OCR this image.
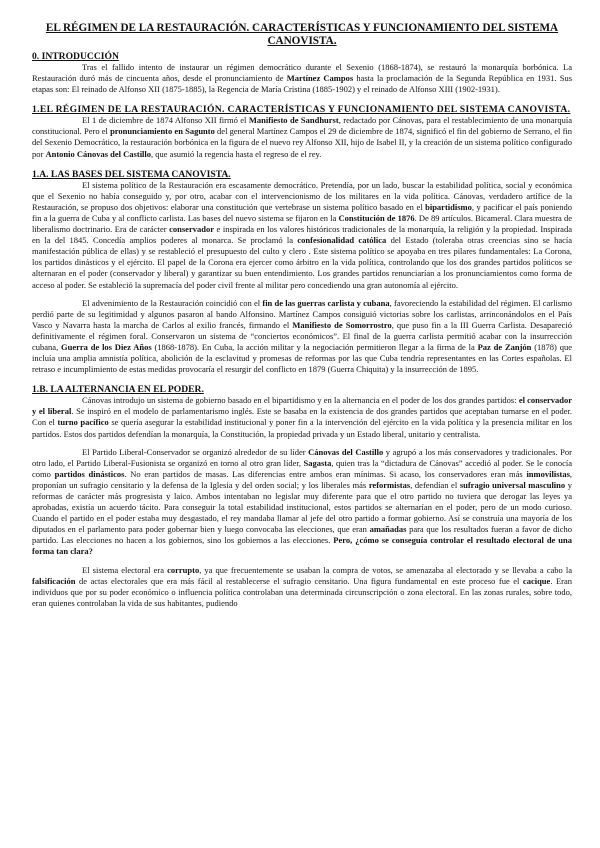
EL RÉGIMEN DE LA RESTAURACIÓN. CARACTERÍSTICAS Y FUNCIONAMIENTO DEL SISTEMA CANOVISTA.
0. INTRODUCCIÓN

Tras el fallido intento de instaurar un régimen democrático durante el Sexenio (1868-1874), se restauró la monarquía borbónica. La Restauración duró más de cincuenta años, desde el pronunciamiento de Martínez Campos hasta la proclamación de la Segunda República en 1931. Sus etapas son: El reinado de Alfonso XII (1875-1885), la Regencia de María Cristina (1885-1902) y el reinado de Alfonso XIII (1902-1931).

1.EL RÉGIMEN DE LA RESTAURACIÓN. CARACTERÍSTICAS Y FUNCIONAMIENTO DEL SISTEMA CANOVISTA.

El 1 de diciembre de 1874 Alfonso XII firmó el Manifiesto de Sandhurst, redactado por Cánovas, para el restablecimiento de una monarquía constitucional. Pero el pronunciamiento en Sagunto del general Martínez Campos el 29 de diciembre de 1874, significó el fin del gobierno de Serrano, el fin del Sexenio Democrático, la restauración borbónica en la figura de el nuevo rey Alfonso XII, hijo de Isabel II, y la creación de un sistema político configurado por Antonio Cánovas del Castillo, que asumió la regencia hasta el regreso de el rey.

1.A. LAS BASES DEL SISTEMA CANOVISTA.

El sistema político de la Restauración era escasamente democrático. Pretendía, por un lado, buscar la estabilidad política, social y económica que el Sexenio no había conseguido y, por otro, acabar con el intervencionismo de los militares en la vida política. Cánovas, verdadero artífice de la Restauración, se propuso dos objetivos: elaborar una constitución que vertebrase un sistema político basado en el bipartidismo, y pacificar el país poniendo fin a la guerra de Cuba y al conflicto carlista. Las bases del nuevo sistema se fijaron en la Constitución de 1876. De 89 artículos. Bicameral. Clara muestra de liberalismo doctrinario. Era de carácter conservador e inspirada en los valores históricos tradicionales de la monarquía, la religión y la propiedad. Inspirada en la del 1845. Concedía amplios poderes al monarca. Se proclamó la confesionalidad católica del Estado (toleraba otras creencias sino se hacía manifestación pública de ellas) y se restableció el presupuesto del culto y clero . Este sistema político se apoyaba en tres pilares fundamentales: La Corona, los partidos dinásticos y el ejército. El papel de la Corona era ejercer como árbitro en la vida política, controlando que los dos grandes partidos políticos se alternaran en el poder (conservador y liberal) y garantizar su buen entendimiento. Los grandes partidos renunciarían a los pronunciamientos como forma de acceso al poder. Se estableció la supremacía del poder civil frente al militar pero concediendo una gran autonomía al ejército.

El advenimiento de la Restauración coincidió con el fin de las guerras carlista y cubana, favoreciendo la estabilidad del régimen. El carlismo perdió parte de su legitimidad y algunos pasaron al bando Alfonsino. Martínez Campos consiguió victorias sobre los carlistas, arrinconándolos en el País Vasco y Navarra hasta la marcha de Carlos al exilio francés, firmando el Manifiesto de Somorrostro, que puso fin a la III Guerra Carlista. Desapareció definitivamente el régimen foral. Conservaron un sistema de “conciertos económicos”. El final de la guerra carlista permitió acabar con la insurrección cubana, Guerra de los Diez Años (1868-1878). En Cuba, la acción militar y la negociación permitieron llegar a la firma de la Paz de Zanjón (1878) que incluía una amplia amnistía política, abolición de la esclavitud y promesas de reformas por las que Cuba tendría representantes en las Cortes españolas. El retraso e incumplimiento de estas medidas provocaría el resurgir del conflicto en 1879 (Guerra Chiquita) y la insurrección de 1895.

1.B. LA ALTERNANCIA EN EL PODER.

Cánovas introdujo un sistema de gobierno basado en el bipartidismo y en la alternancia en el poder de los dos grandes partidos: el conservador y el liberal. Se inspiró en el modelo de parlamentarismo inglés. Este se basaba en la existencia de dos grandes partidos que aceptaban turnarse en el poder. Con el turno pacífico se quería asegurar la estabilidad institucional y poner fin a la intervención del ejército en la vida política y la presencia militar en los partidos. Estos dos partidos defendían la monarquía, la Constitución, la propiedad privada y un Estado liberal, unitario y centralista.

El Partido Liberal-Conservador se organizó alrededor de su líder Cánovas del Castillo y agrupó a los más conservadores y tradicionales. Por otro lado, el Partido Liberal-Fusionista se organizó en torno al otro gran líder, Sagasta, quien tras la “dictadura de Cánovas” accedió al poder. Se le conocía como partidos dinásticos. No eran partidos de masas. Las diferencias entre ambos eran mínimas. Si acaso, los conservadores eran más inmovilistas, proponían un sufragio censitario y la defensa de la Iglesia y del orden social; y los liberales más reformistas, defendían el sufragio universal masculino y reformas de carácter más progresista y laico. Ambos intentaban no legislar muy diferente para que el otro partido no tuviera que derogar las leyes ya aprobadas, existía un acuerdo tácito. Para conseguir la total estabilidad institucional, estos partidos se alternarían en el poder, pero de un modo curioso. Cuando el partido en el poder estaba muy desgastado, el rey mandaba llamar al jefe del otro partido a formar gobierno. Así se construía una mayoría de los diputados en el parlamento para poder gobernar bien y luego convocaba las elecciones, que eran amañadas para que los resultados fueran a favor de dicho partido. Las elecciones no hacen a los gobiernos, sino los gobiernos a las elecciones. Pero, ¿cómo se conseguía controlar el resultado electoral de una forma tan clara?

El sistema electoral era corrupto, ya que frecuentemente se usaban la compra de votos, se amenazaba al electorado y se llevaba a cabo la falsificación de actas electorales que era más fácil al restablecerse el sufragio censitario. Una figura fundamental en este proceso fue el cacique. Eran individuos que por su poder económico o influencia política controlaban una determinada circunscripción o zona electoral. En las zonas rurales, sobre todo, eran quienes controlaban la vida de sus habitantes, pudiendo
